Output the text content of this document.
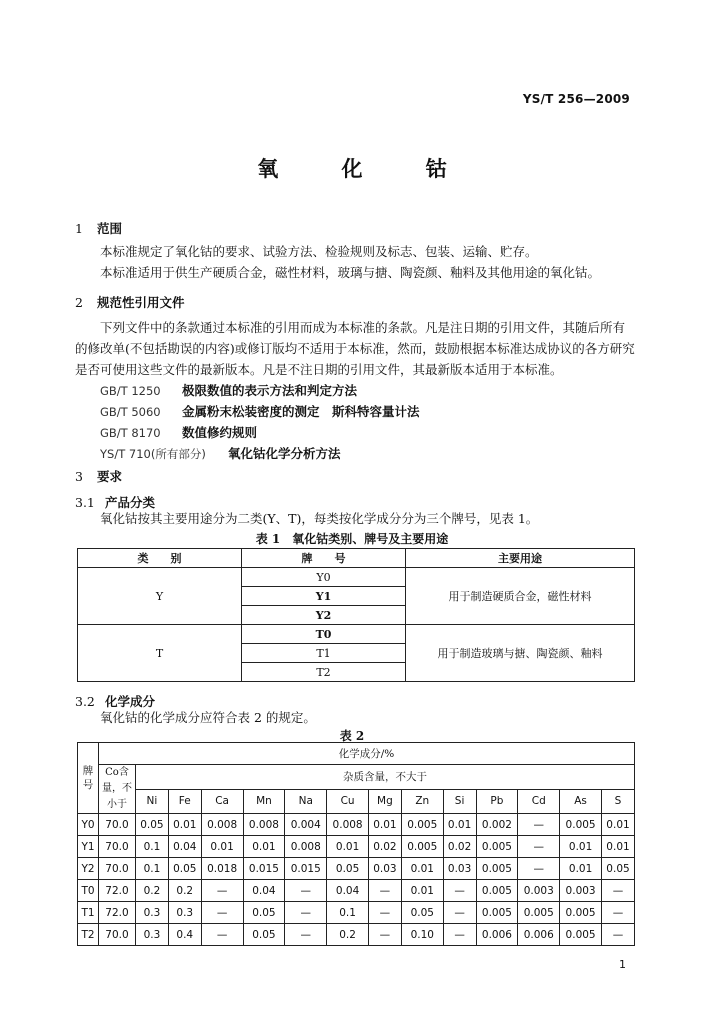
YS/T 256—2009
氧 化 钴
1 范围
本标准规定了氧化钴的要求、试验方法、检验规则及标志、包装、运输、贮存。
本标准适用于供生产硬质合金，磁性材料，玻璃与搪、陶瓷颜、釉料及其他用途的氧化钴。
2 规范性引用文件
下列文件中的条款通过本标准的引用而成为本标准的条款。凡是注日期的引用文件，其随后所有的修改单(不包括勘误的内容)或修订版均不适用于本标准，然而，鼓励根据本标准达成协议的各方研究是否可使用这些文件的最新版本。凡是不注日期的引用文件，其最新版本适用于本标准。
GB/T 1250 极限数值的表示方法和判定方法
GB/T 5060 金属粉末松装密度的测定　斯科特容量计法
GB/T 8170 数值修约规则
YS/T 710(所有部分) 氧化钴化学分析方法
3 要求
3.1 产品分类
氧化钴按其主要用途分为二类(Y、T)，每类按化学成分分为三个牌号，见表 1。
表 1　氧化钴类别、牌号及主要用途
类　　别	牌　　号	主要用途
Y	Y0	用于制造硬质合金，磁性材料
	Y1	
	Y2	
T	T0	用于制造玻璃与搪、陶瓷颜、釉料
	T1	
	T2	
3.2 化学成分
氧化钴的化学成分应符合表 2 的规定。
表 2
牌号	化学成分/%													
	Co含量，不小于	杂质含量，不大于												
		Ni	Fe	Ca	Mn	Na	Cu	Mg	Zn	Si	Pb	Cd	As	S
Y0	70.0	0.05	0.01	0.008	0.008	0.004	0.008	0.01	0.005	0.01	0.002	—	0.005	0.01
Y1	70.0	0.1	0.04	0.01	0.01	0.008	0.01	0.02	0.005	0.02	0.005	—	0.01	0.01
Y2	70.0	0.1	0.05	0.018	0.015	0.015	0.05	0.03	0.01	0.03	0.005	—	0.01	0.05
T0	72.0	0.2	0.2	—	0.04	—	0.04	—	0.01	—	0.005	0.003	0.003	—
T1	72.0	0.3	0.3	—	0.05	—	0.1	—	0.05	—	0.005	0.005	0.005	—
T2	70.0	0.3	0.4	—	0.05	—	0.2	—	0.10	—	0.006	0.006	0.005	—
1
